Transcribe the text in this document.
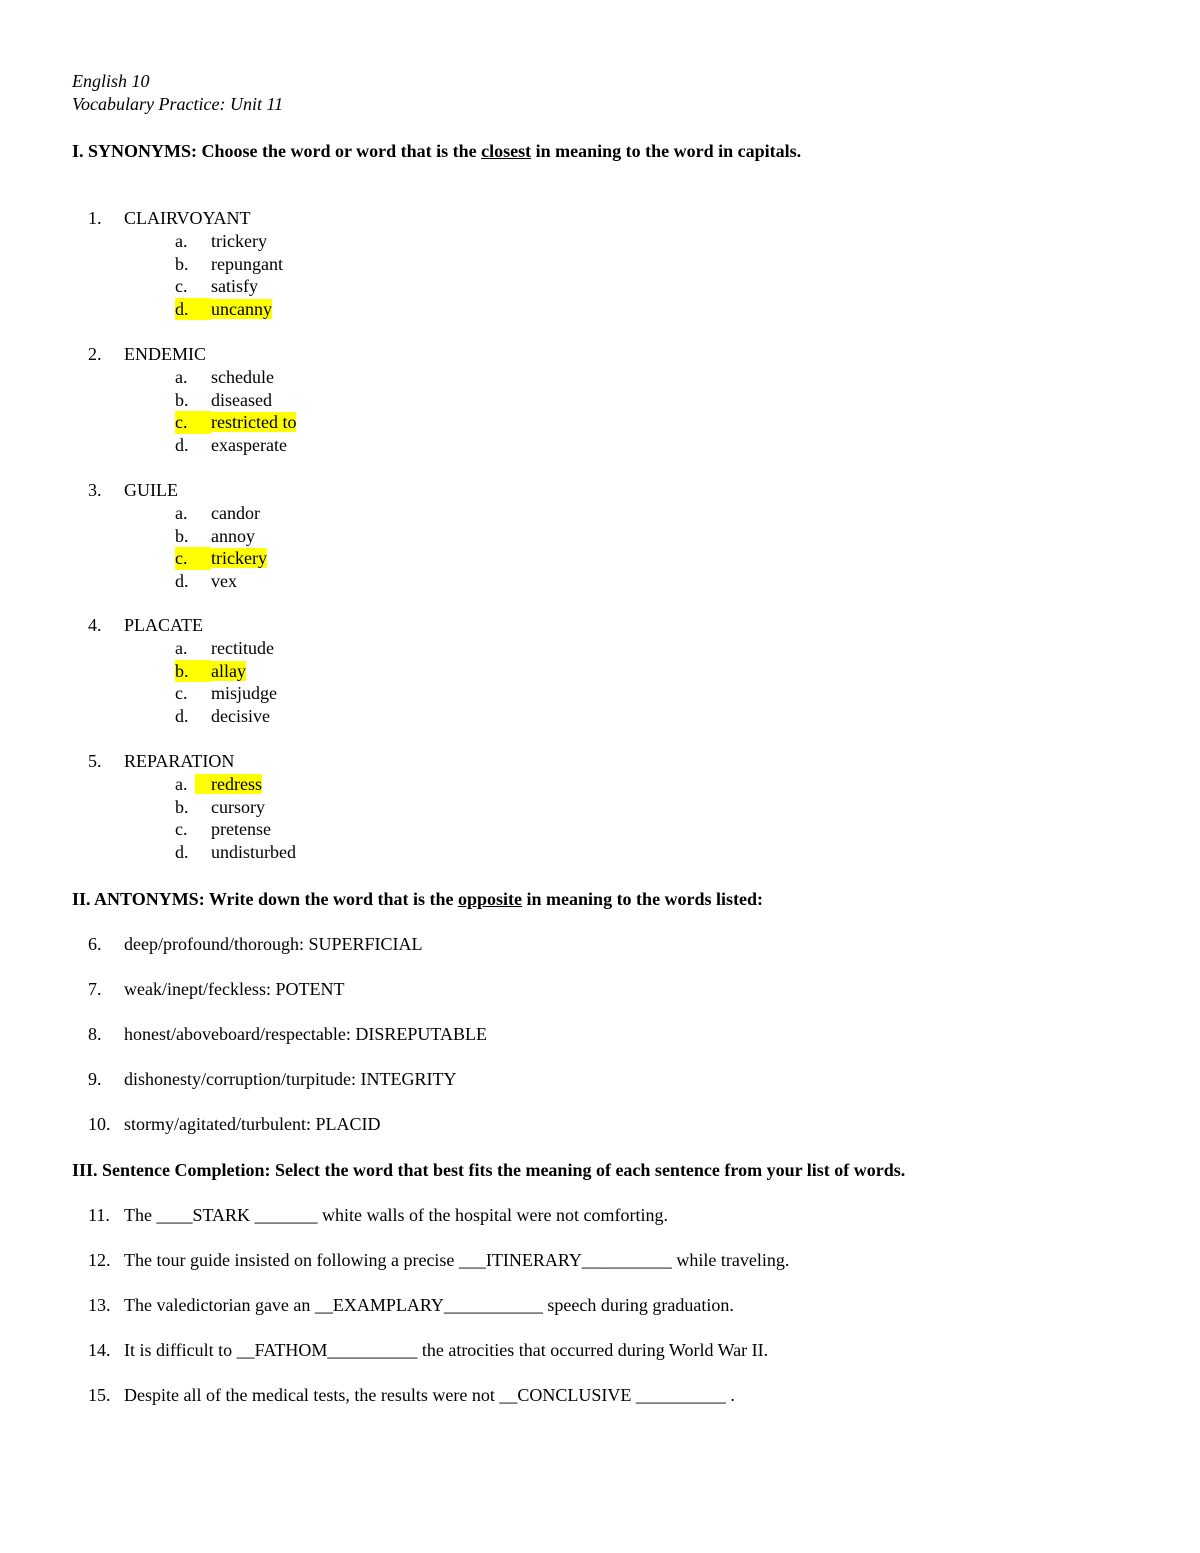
English 10
Vocabulary Practice: Unit 11
I. SYNONYMS: Choose the word or word that is the closest in meaning to the word in capitals.
1. CLAIRVOYANT
a. trickery
b. repungant
c. satisfy
d. uncanny
2. ENDEMIC
a. schedule
b. diseased
c. restricted to
d. exasperate
3. GUILE
a. candor
b. annoy
c. trickery
d. vex
4. PLACATE
a. rectitude
b. allay
c. misjudge
d. decisive
5. REPARATION
a. redress
b. cursory
c. pretense
d. undisturbed
II. ANTONYMS: Write down the word that is the opposite in meaning to the words listed:
6. deep/profound/thorough: SUPERFICIAL
7. weak/inept/feckless: POTENT
8. honest/aboveboard/respectable: DISREPUTABLE
9. dishonesty/corruption/turpitude: INTEGRITY
10. stormy/agitated/turbulent: PLACID
III. Sentence Completion: Select the word that best fits the meaning of each sentence from your list of words.
11. The ____STARK _______ white walls of the hospital were not comforting.
12. The tour guide insisted on following a precise ___ITINERARY__________ while traveling.
13. The valedictorian gave an __EXAMPLARY___________ speech during graduation.
14. It is difficult to __FATHOM__________ the atrocities that occurred during World War II.
15. Despite all of the medical tests, the results were not __CONCLUSIVE __________ .
